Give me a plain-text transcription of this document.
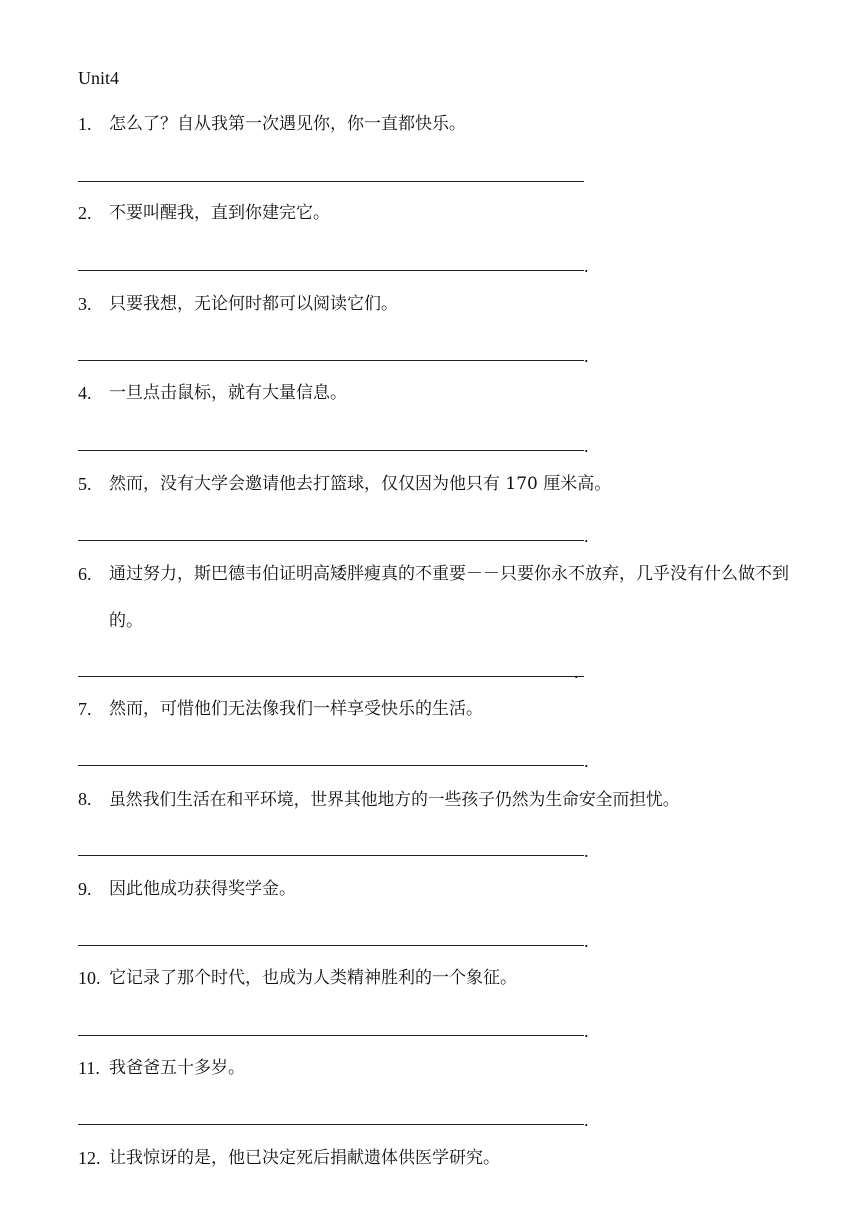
Unit4
1. 怎么了？自从我第一次遇见你，你一直都快乐。
2. 不要叫醒我，直到你建完它。
.
3. 只要我想，无论何时都可以阅读它们。
.
4. 一旦点击鼠标，就有大量信息。
.
5. 然而，没有大学会邀请他去打篮球，仅仅因为他只有 170 厘米高。
.
6. 通过努力，斯巴德韦伯证明高矮胖瘦真的不重要－－只要你永不放弃，几乎没有什么做不到的。
.
7. 然而，可惜他们无法像我们一样享受快乐的生活。
.
8. 虽然我们生活在和平环境，世界其他地方的一些孩子仍然为生命安全而担忧。
.
9. 因此他成功获得奖学金。
.
10. 它记录了那个时代，也成为人类精神胜利的一个象征。
.
11. 我爸爸五十多岁。
.
12. 让我惊讶的是，他已决定死后捐献遗体供医学研究。
